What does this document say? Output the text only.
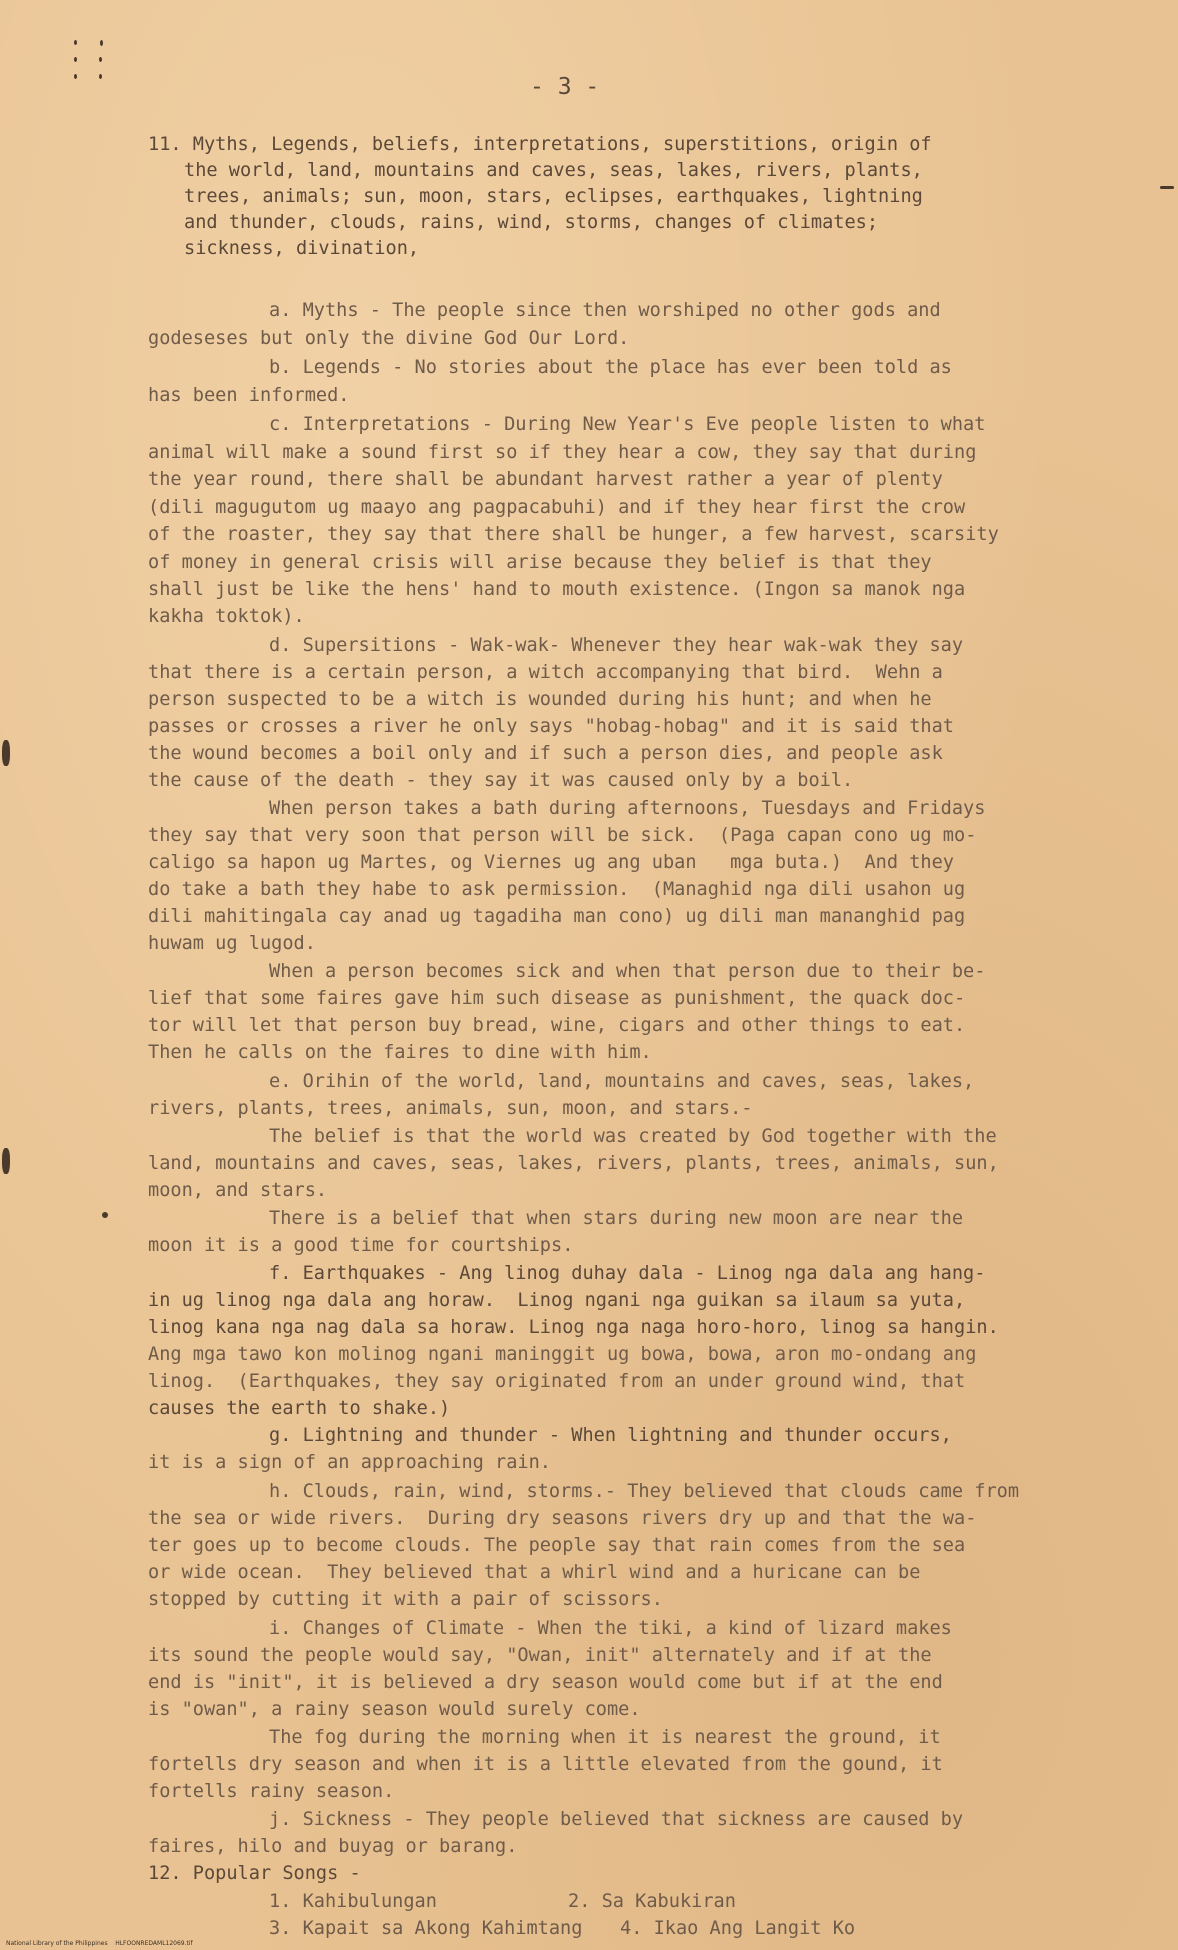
- 3 -
11. Myths, Legends, beliefs, interpretations, superstitions, origin of
the world, land, mountains and caves, seas, lakes, rivers, plants,
trees, animals; sun, moon, stars, eclipses, earthquakes, lightning
and thunder, clouds, rains, wind, storms, changes of climates;
sickness, divination,
a. Myths - The people since then worshiped no other gods and
godeseses but only the divine God Our Lord.
b. Legends - No stories about the place has ever been told as
has been informed.
c. Interpretations - During New Year's Eve people listen to what
animal will make a sound first so if they hear a cow, they say that during
the year round, there shall be abundant harvest rather a year of plenty
(dili magugutom ug maayo ang pagpacabuhi) and if they hear first the crow
of the roaster, they say that there shall be hunger, a few harvest, scarsity
of money in general crisis will arise because they belief is that they
shall just be like the hens' hand to mouth existence. (Ingon sa manok nga
kakha toktok).
d. Supersitions - Wak-wak- Whenever they hear wak-wak they say
that there is a certain person, a witch accompanying that bird.  Wehn a
person suspected to be a witch is wounded during his hunt; and when he
passes or crosses a river he only says "hobag-hobag" and it is said that
the wound becomes a boil only and if such a person dies, and people ask
the cause of the death - they say it was caused only by a boil.
When person takes a bath during afternoons, Tuesdays and Fridays
they say that very soon that person will be sick.  (Paga capan cono ug mo-
caligo sa hapon ug Martes, og Viernes ug ang uban   mga buta.)  And they
do take a bath they habe to ask permission.  (Managhid nga dili usahon ug
dili mahitingala cay anad ug tagadiha man cono) ug dili man mananghid pag
huwam ug lugod.
When a person becomes sick and when that person due to their be-
lief that some faires gave him such disease as punishment, the quack doc-
tor will let that person buy bread, wine, cigars and other things to eat.
Then he calls on the faires to dine with him.
e. Orihin of the world, land, mountains and caves, seas, lakes,
rivers, plants, trees, animals, sun, moon, and stars.-
The belief is that the world was created by God together with the
land, mountains and caves, seas, lakes, rivers, plants, trees, animals, sun,
moon, and stars.
There is a belief that when stars during new moon are near the
moon it is a good time for courtships.
f. Earthquakes - Ang linog duhay dala - Linog nga dala ang hang-
in ug linog nga dala ang horaw.  Linog ngani nga guikan sa ilaum sa yuta,
linog kana nga nag dala sa horaw. Linog nga naga horo-horo, linog sa hangin.
Ang mga tawo kon molinog ngani maninggit ug bowa, bowa, aron mo-ondang ang
linog.  (Earthquakes, they say originated from an under ground wind, that
causes the earth to shake.)
g. Lightning and thunder - When lightning and thunder occurs,
it is a sign of an approaching rain.
h. Clouds, rain, wind, storms.- They believed that clouds came from
the sea or wide rivers.  During dry seasons rivers dry up and that the wa-
ter goes up to become clouds. The people say that rain comes from the sea
or wide ocean.  They believed that a whirl wind and a huricane can be
stopped by cutting it with a pair of scissors.
i. Changes of Climate - When the tiki, a kind of lizard makes
its sound the people would say, "Owan, init" alternately and if at the
end is "init", it is believed a dry season would come but if at the end
is "owan", a rainy season would surely come.
The fog during the morning when it is nearest the ground, it
fortells dry season and when it is a little elevated from the gound, it
fortells rainy season.
j. Sickness - They people believed that sickness are caused by
faires, hilo and buyag or barang.
12. Popular Songs -
1. Kahibulungan	2. Sa Kabukiran
3. Kapait sa Akong Kahimtang 4. Ikao Ang Langit Ko
National Library of the Philippines    HLFOONREDAML12069.tif
